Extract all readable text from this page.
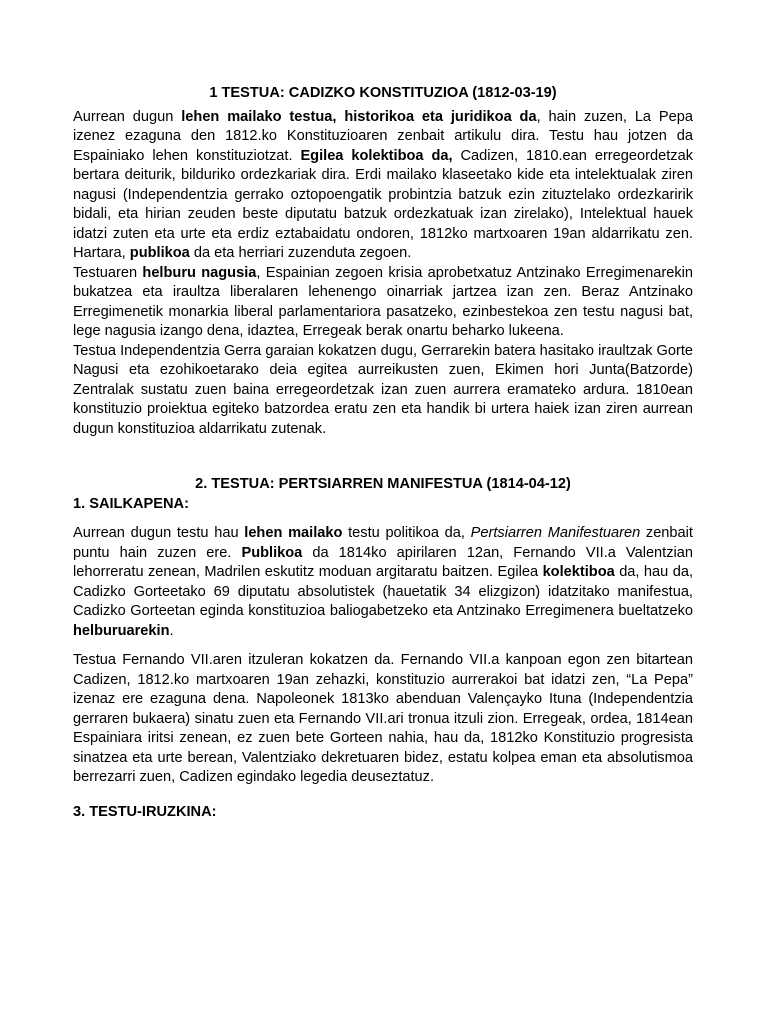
1 TESTUA: CADIZKO KONSTITUZIOA (1812-03-19)

Aurrean dugun lehen mailako testua, historikoa eta juridikoa da, hain zuzen, La Pepa izenez ezaguna den 1812.ko Konstituzioaren zenbait artikulu dira. Testu hau jotzen da Espainiako lehen konstituziotzat. Egilea kolektiboa da, Cadizen, 1810.ean erregeordetzak bertara deiturik, bilduriko ordezkariak dira. Erdi mailako klaseetako kide eta intelektualak ziren nagusi (Independentzia gerrako oztopoengatik probintzia batzuk ezin zituztelako ordezkaririk bidali, eta hirian zeuden beste diputatu batzuk ordezkatuak izan zirelako), Intelektual hauek idatzi zuten eta urte eta erdiz eztabaidatu ondoren, 1812ko martxoaren 19an aldarrikatu zen. Hartara, publikoa da eta herriari zuzenduta zegoen.

Testuaren helburu nagusia, Espainian zegoen krisia aprobetxatuz Antzinako Erregimenarekin bukatzea eta iraultza liberalaren lehenengo oinarriak jartzea izan zen. Beraz Antzinako Erregimenetik monarkia liberal parlamentariora pasatzeko, ezinbestekoa zen testu nagusi bat, lege nagusia izango dena, idaztea, Erregeak berak onartu beharko lukeena.

Testua Independentzia Gerra garaian kokatzen dugu, Gerrarekin batera hasitako iraultzak Gorte Nagusi eta ezohikoetarako deia egitea aurreikusten zuen, Ekimen hori Junta(Batzorde) Zentralak sustatu zuen baina erregeordetzak izan zuen aurrera eramateko ardura. 1810ean konstituzio proiektua egiteko batzordea eratu zen eta handik bi urtera haiek izan ziren aurrean dugun konstituzioa aldarrikatu zutenak.

2. TESTUA: PERTSIARREN MANIFESTUA (1814-04-12)
1. SAILKAPENA:

Aurrean dugun testu hau lehen mailako testu politikoa da, Pertsiarren Manifestuaren zenbait puntu hain zuzen ere. Publikoa da 1814ko apirilaren 12an, Fernando VII.a Valentzian lehorreratu zenean, Madrilen eskutitz moduan argitaratu baitzen. Egilea kolektiboa da, hau da, Cadizko Gorteetako 69 diputatu absolutistek (hauetatik 34 elizgizon) idatzitako manifestua, Cadizko Gorteetan eginda konstituzioa baliogabetzeko eta Antzinako Erregimenera bueltatzeko helburuarekin.

Testua Fernando VII.aren itzuleran kokatzen da. Fernando VII.a kanpoan egon zen bitartean Cadizen, 1812.ko martxoaren 19an zehazki, konstituzio aurrerakoi bat idatzi zen, “La Pepa” izenaz ere ezaguna dena. Napoleonek 1813ko abenduan Valençayko Ituna (Independentzia gerraren bukaera) sinatu zuen eta Fernando VII.ari tronua itzuli zion. Erregeak, ordea, 1814ean Espainiara iritsi zenean, ez zuen bete Gorteen nahia, hau da, 1812ko Konstituzio progresista sinatzea eta urte berean, Valentziako dekretuaren bidez, estatu kolpea eman eta absolutismoa berrezarri zuen, Cadizen egindako legedia deuseztatuz.

3. TESTU-IRUZKINA:
